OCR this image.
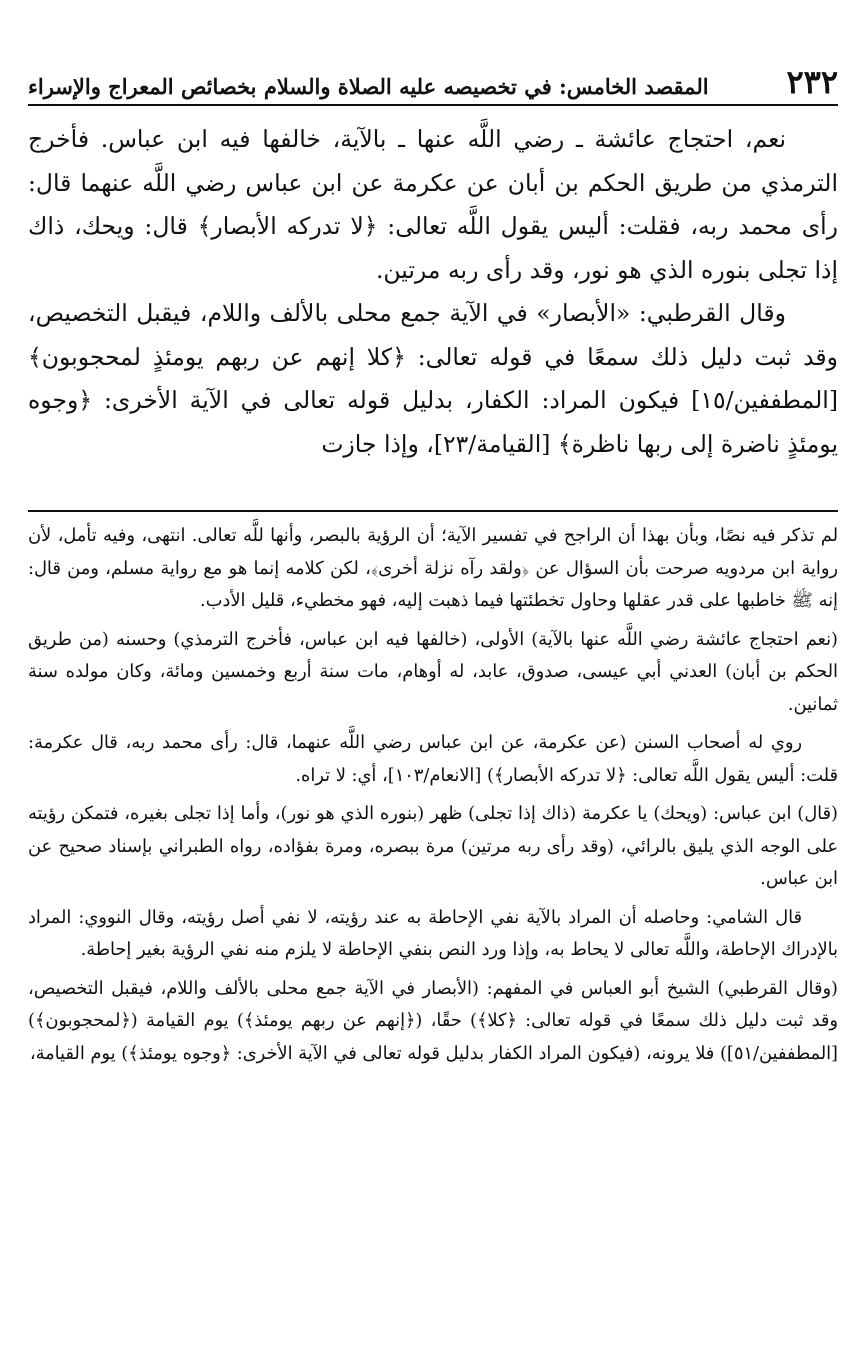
٢٣٢
المقصد الخامس: في تخصيصه عليه الصلاة والسلام بخصائص المعراج والإسراء

نعم، احتجاج عائشة ـ رضي اللَّه عنها ـ بالآية، خالفها فيه ابن عباس. فأخرج الترمذي من طريق الحكم بن أبان عن عكرمة عن ابن عباس رضي اللَّه عنهما قال: رأى محمد ربه، فقلت: أليس يقول اللَّه تعالى: ﴿لا تدركه الأبصار﴾ قال: ويحك، ذاك إذا تجلى بنوره الذي هو نور، وقد رأى ربه مرتين.

وقال القرطبي: «الأبصار» في الآية جمع محلى بالألف واللام، فيقبل التخصيص، وقد ثبت دليل ذلك سمعًا في قوله تعالى: ﴿كلا إنهم عن ربهم يومئذٍ لمحجوبون﴾ [المطففين/١٥] فيكون المراد: الكفار، بدليل قوله تعالى في الآية الأخرى: ﴿وجوه يومئذٍ ناضرة إلى ربها ناظرة﴾ [القيامة/٢٣]، وإذا جازت

لم تذكر فيه نصًا، وبأن بهذا أن الراجح في تفسير الآية؛ أن الرؤية بالبصر، وأنها للَّه تعالى. انتهى، وفيه تأمل، لأن رواية ابن مردويه صرحت بأن السؤال عن ﴿ولقد رآه نزلة أخرى﴾، لكن كلامه إنما هو مع رواية مسلم، ومن قال: إنه ﷺ خاطبها على قدر عقلها وحاول تخطئتها فيما ذهبت إليه، فهو مخطيء، قليل الأدب.

(نعم احتجاج عائشة رضي اللَّه عنها بالآية) الأولى، (خالفها فيه ابن عباس، فأخرج الترمذي) وحسنه (من طريق الحكم بن أبان) العدني أبي عيسى، صدوق، عابد، له أوهام، مات سنة أربع وخمسين ومائة، وكان مولده سنة ثمانين.

روي له أصحاب السنن (عن عكرمة، عن ابن عباس رضي اللَّه عنهما، قال: رأى محمد ربه، قال عكرمة: قلت: أليس يقول اللَّه تعالى: ﴿لا تدركه الأبصار﴾) [الانعام/١٠٣]، أي: لا تراه.

(قال) ابن عباس: (ويحك) يا عكرمة (ذاك إذا تجلى) ظهر (بنوره الذي هو نور)، وأما إذا تجلى بغيره، فتمكن رؤيته على الوجه الذي يليق بالرائي، (وقد رأى ربه مرتين) مرة ببصره، ومرة بفؤاده، رواه الطبراني بإسناد صحيح عن ابن عباس.

قال الشامي: وحاصله أن المراد بالآية نفي الإحاطة به عند رؤيته، لا نفي أصل رؤيته، وقال النووي: المراد بالإدراك الإحاطة، واللَّه تعالى لا يحاط به، وإذا ورد النص بنفي الإحاطة لا يلزم منه نفي الرؤية بغير إحاطة.

(وقال القرطبي) الشيخ أبو العباس في المفهم: (الأبصار في الآية جمع محلى بالألف واللام، فيقبل التخصيص، وقد ثبت دليل ذلك سمعًا في قوله تعالى: ﴿كلا﴾) حقًا، (﴿إنهم عن ربهم يومئذ﴾) يوم القيامة (﴿لمحجوبون﴾) [المطففين/٥١]) فلا يرونه، (فيكون المراد الكفار بدليل قوله تعالى في الآية الأخرى: ﴿وجوه يومئذ﴾) يوم القيامة،
